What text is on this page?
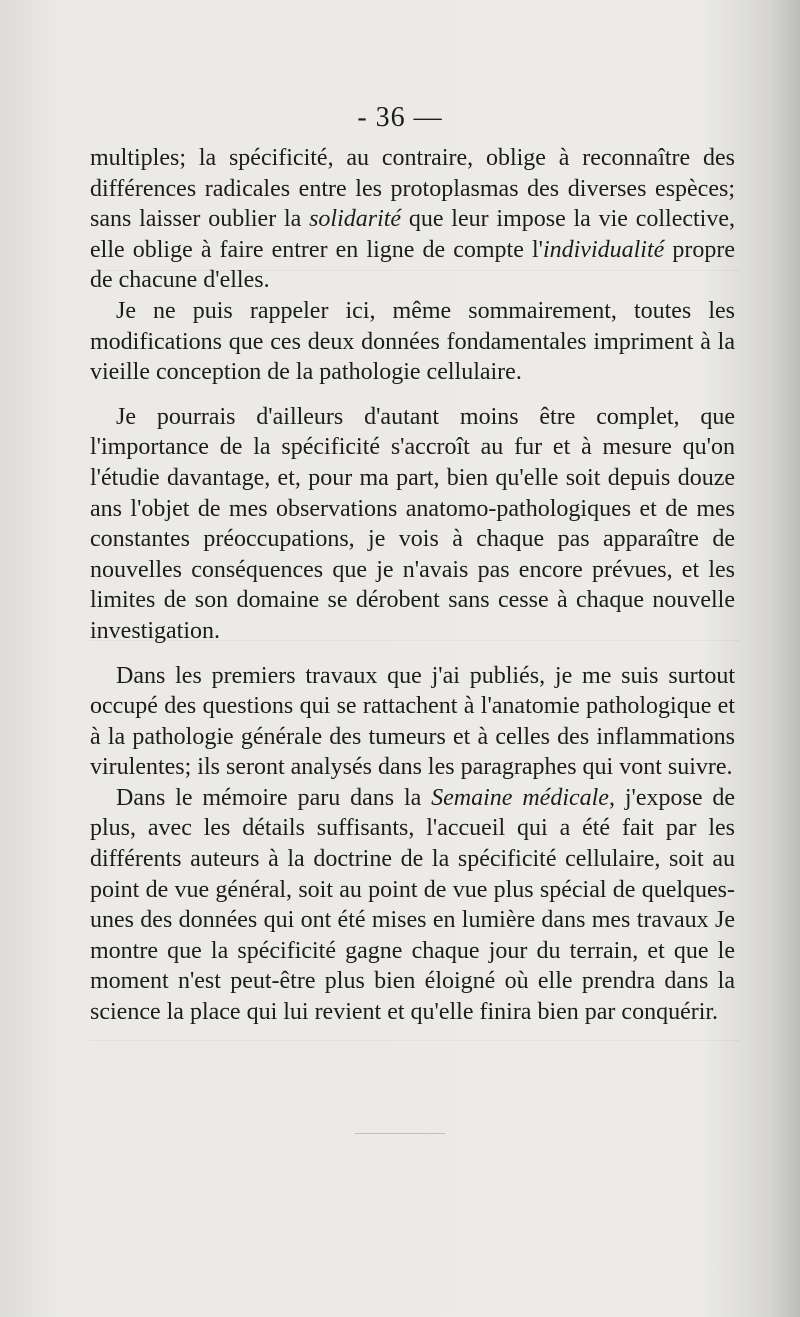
- 36 —

multiples; la spécificité, au contraire, oblige à reconnaître des différences radicales entre les protoplasmas des diverses espèces; sans laisser oublier la solidarité que leur impose la vie collective, elle oblige à faire entrer en ligne de compte l'individualité propre de chacune d'elles.

Je ne puis rappeler ici, même sommairement, toutes les modifications que ces deux données fondamentales impriment à la vieille conception de la pathologie cellulaire.

Je pourrais d'ailleurs d'autant moins être complet, que l'importance de la spécificité s'accroît au fur et à mesure qu'on l'étudie davantage, et, pour ma part, bien qu'elle soit depuis douze ans l'objet de mes observations anatomo-pathologiques et de mes constantes préoccupations, je vois à chaque pas apparaître de nouvelles conséquences que je n'avais pas encore prévues, et les limites de son domaine se dérobent sans cesse à chaque nouvelle investigation.

Dans les premiers travaux que j'ai publiés, je me suis surtout occupé des questions qui se rattachent à l'anatomie pathologique et à la pathologie générale des tumeurs et à celles des inflammations virulentes; ils seront analysés dans les paragraphes qui vont suivre.

Dans le mémoire paru dans la Semaine médicale, j'expose de plus, avec les détails suffisants, l'accueil qui a été fait par les différents auteurs à la doctrine de la spécificité cellulaire, soit au point de vue général, soit au point de vue plus spécial de quelques-unes des données qui ont été mises en lumière dans mes travaux Je montre que la spécificité gagne chaque jour du terrain, et que le moment n'est peut-être plus bien éloigné où elle prendra dans la science la place qui lui revient et qu'elle finira bien par conquérir.
